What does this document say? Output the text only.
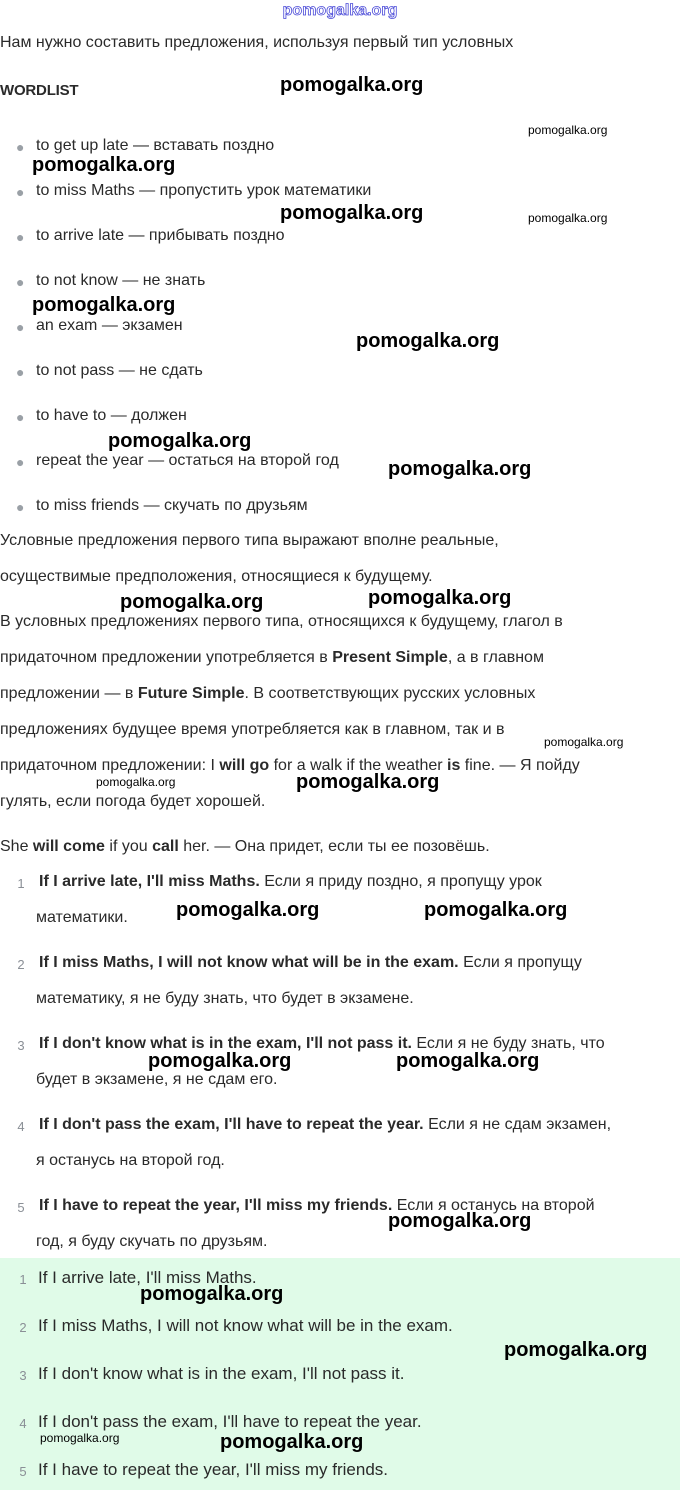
pomogalka.org
Нам нужно составить предложения, используя первый тип условных
WORDLIST
● to get up late — вставать поздно
● to miss Maths — пропустить урок математики
● to arrive late — прибывать поздно
● to not know — не знать
● an exam — экзамен
● to not pass — не сдать
● to have to — должен
● repeat the year — остаться на второй год
● to miss friends — скучать по друзьям
Условные предложения первого типа выражают вполне реальные,
осуществимые предположения, относящиеся к будущему.
В условных предложениях первого типа, относящихся к будущему, глагол в
придаточном предложении употребляется в Present Simple, а в главном
предложении — в Future Simple. В соответствующих русских условных
предложениях будущее время употребляется как в главном, так и в
придаточном предложении: I will go for a walk if the weather is fine. — Я пойду
гулять, если погода будет хорошей.
She will come if you call her. — Она придет, если ты ее позовёшь.
1 If I arrive late, I'll miss Maths. Если я приду поздно, я пропущу урок
математики.
2 If I miss Maths, I will not know what will be in the exam. Если я пропущу
математику, я не буду знать, что будет в экзамене.
3 If I don't know what is in the exam, I'll not pass it. Если я не буду знать, что
будет в экзамене, я не сдам его.
4 If I don't pass the exam, I'll have to repeat the year. Если я не сдам экзамен,
я останусь на второй год.
5 If I have to repeat the year, I'll miss my friends. Если я останусь на второй
год, я буду скучать по друзьям.
1 If I arrive late, I'll miss Maths.
2 If I miss Maths, I will not know what will be in the exam.
3 If I don't know what is in the exam, I'll not pass it.
4 If I don't pass the exam, I'll have to repeat the year.
5 If I have to repeat the year, I'll miss my friends.
pomogalka.org
pomogalka.org
pomogalka.org
pomogalka.org	pomogalka.org
pomogalka.org
pomogalka.org
pomogalka.org
pomogalka.org
pomogalka.org	pomogalka.org
pomogalka.org
pomogalka.org	pomogalka.org
pomogalka.org	pomogalka.org
pomogalka.org	pomogalka.org
pomogalka.org
pomogalka.org
pomogalka.org
pomogalka.org	pomogalka.org
